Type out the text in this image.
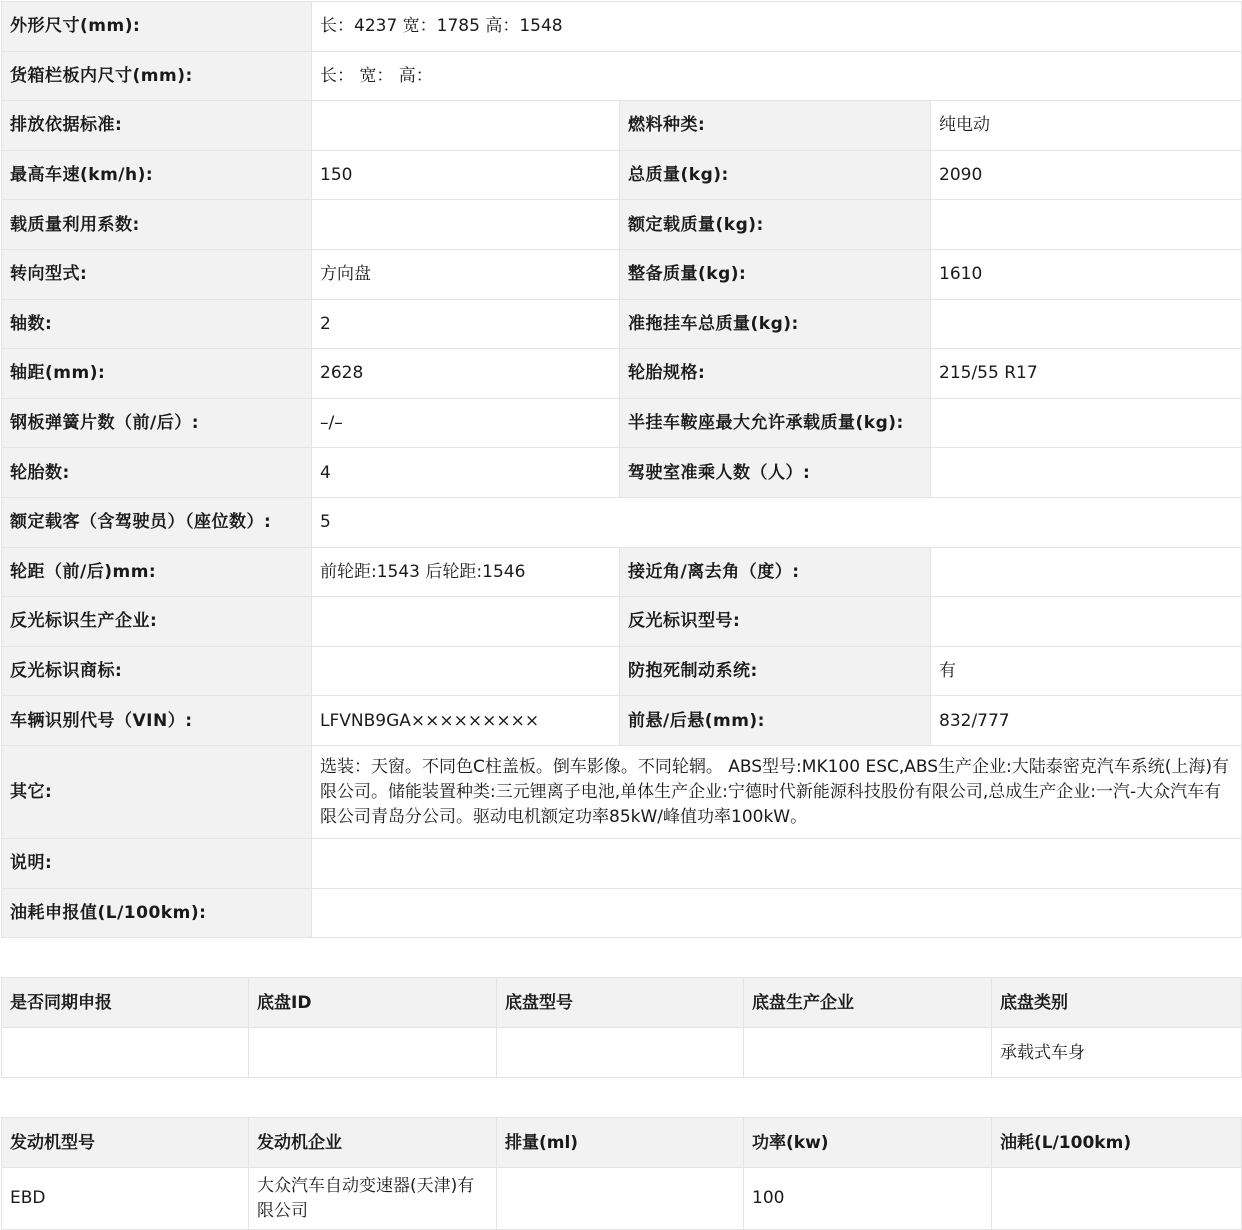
外形尺寸(mm):	长：4237 宽：1785 高：1548		
货箱栏板内尺寸(mm):	长： 宽： 高：		
排放依据标准:		燃料种类:	纯电动
最高车速(km/h):	150	总质量(kg):	2090
载质量利用系数:		额定载质量(kg):	
转向型式:	方向盘	整备质量(kg):	1610
轴数:	2	准拖挂车总质量(kg):	
轴距(mm):	2628	轮胎规格:	215/55 R17
钢板弹簧片数（前/后）:	–/–	半挂车鞍座最大允许承载质量(kg):	
轮胎数:	4	驾驶室准乘人数（人）:	
额定载客（含驾驶员）（座位数）:	5		
轮距（前/后)mm:	前轮距:1543 后轮距:1546	接近角/离去角（度）:	
反光标识生产企业:		反光标识型号:	
反光标识商标:		防抱死制动系统:	有
车辆识别代号（VIN）:	LFVNB9GA×××××××××	前悬/后悬(mm):	832/777
其它:	选装：天窗。不同色C柱盖板。倒车影像。不同轮辋。 ABS型号:MK100 ESC,ABS生产企业:大陆泰密克汽车系统(上海)有限公司。储能装置种类:三元锂离子电池,单体生产企业:宁德时代新能源科技股份有限公司,总成生产企业:一汽-大众汽车有限公司青岛分公司。驱动电机额定功率85kW/峰值功率100kW。		
说明:			
油耗申报值(L/100km):			
是否同期申报	底盘ID	底盘型号	底盘生产企业	底盘类别
				承载式车身
发动机型号	发动机企业	排量(ml)	功率(kw)	油耗(L/100km)
EBD	大众汽车自动变速器(天津)有限公司		100	
